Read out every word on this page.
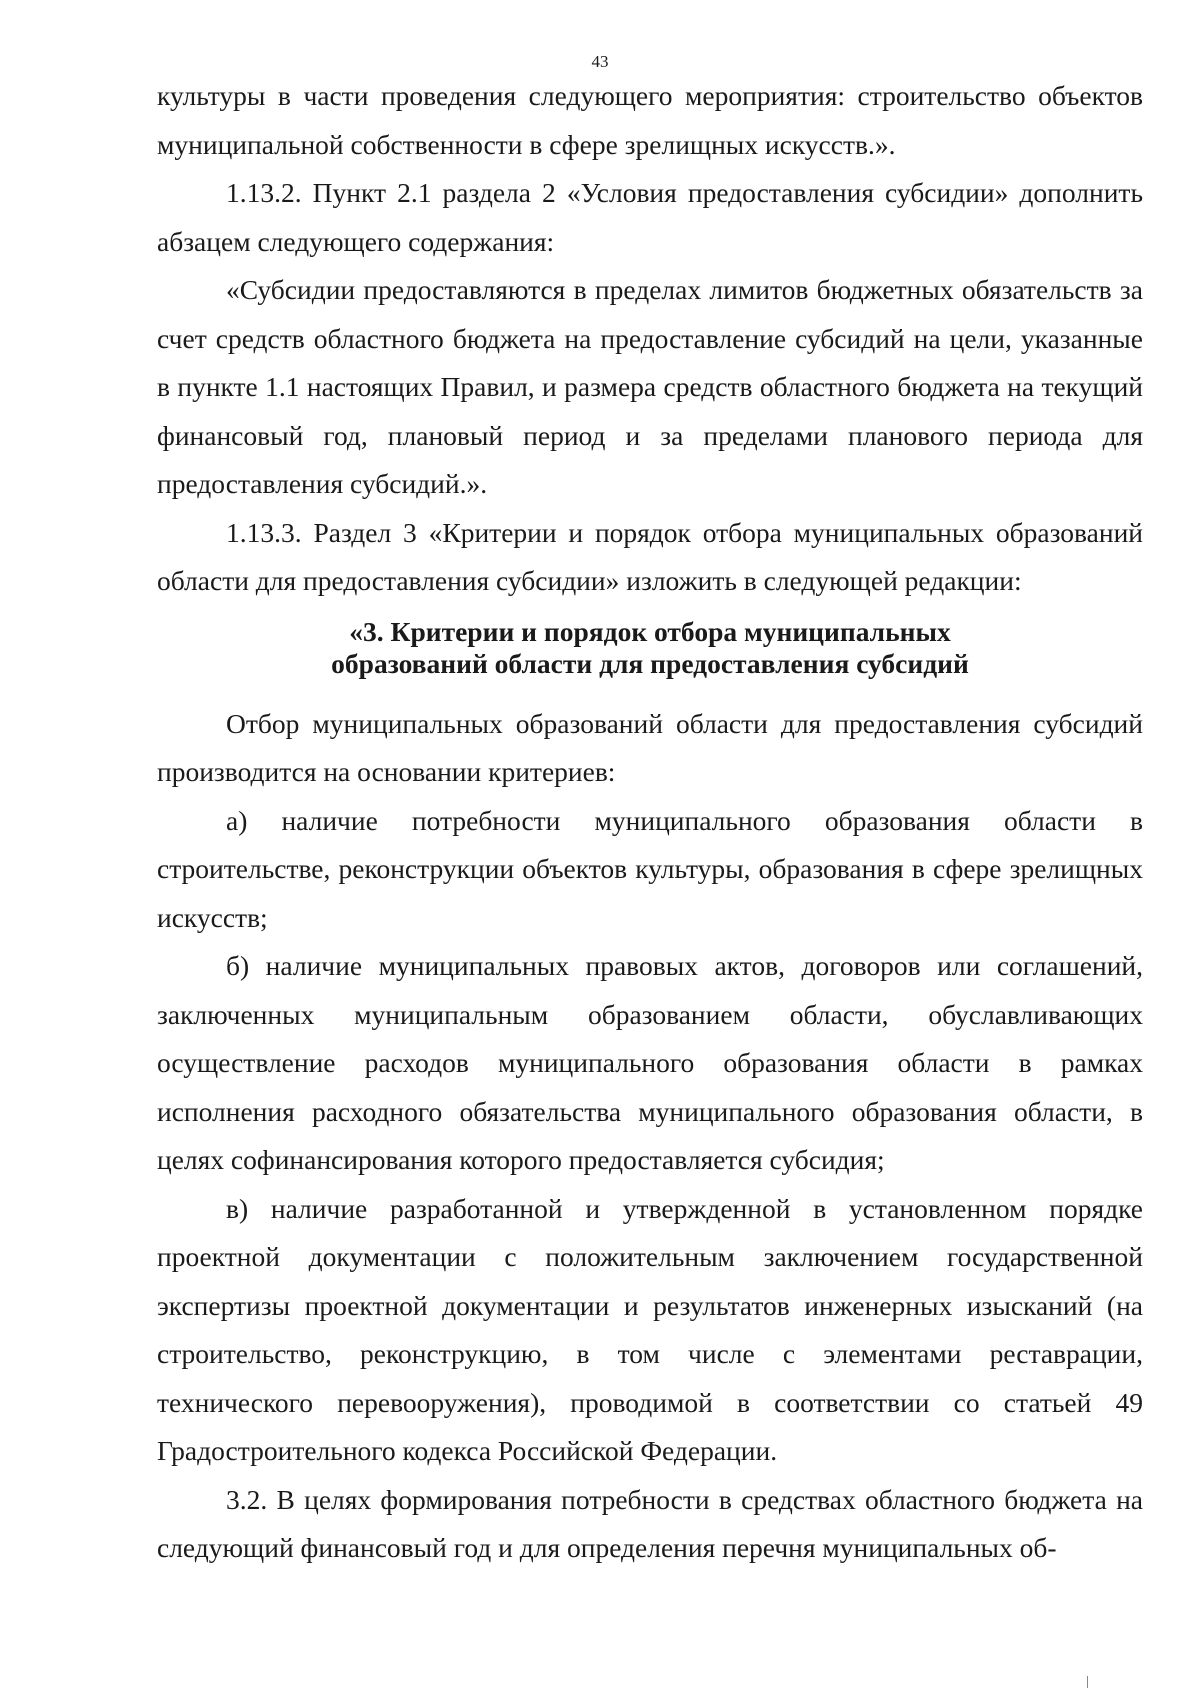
43

культуры в части проведения следующего мероприятия: строительство объектов муниципальной собственности в сфере зрелищных искусств.».

1.13.2. Пункт 2.1 раздела 2 «Условия предоставления субсидии» дополнить абзацем следующего содержания:

«Субсидии предоставляются в пределах лимитов бюджетных обязательств за счет средств областного бюджета на предоставление субсидий на цели, указанные в пункте 1.1 настоящих Правил, и размера средств областного бюджета на текущий финансовый год, плановый период и за пределами планового периода для предоставления субсидий.».

1.13.3. Раздел 3 «Критерии и порядок отбора муниципальных образований области для предоставления субсидии» изложить в следующей редакции:

«3. Критерии и порядок отбора муниципальных
образований области для предоставления субсидий

Отбор муниципальных образований области для предоставления субсидий производится на основании критериев:

а) наличие потребности муниципального образования области в строительстве, реконструкции объектов культуры, образования в сфере зрелищных искусств;

б) наличие муниципальных правовых актов, договоров или соглашений, заключенных муниципальным образованием области, обуславливающих осуществление расходов муниципального образования области в рамках исполнения расходного обязательства муниципального образования области, в целях софинансирования которого предоставляется субсидия;

в) наличие разработанной и утвержденной в установленном порядке проектной документации с положительным заключением государственной экспертизы проектной документации и результатов инженерных изысканий (на строительство, реконструкцию, в том числе с элементами реставрации, технического перевооружения), проводимой в соответствии со статьей 49 Градостроительного кодекса Российской Федерации.

3.2. В целях формирования потребности в средствах областного бюджета на следующий финансовый год и для определения перечня муниципальных об-
